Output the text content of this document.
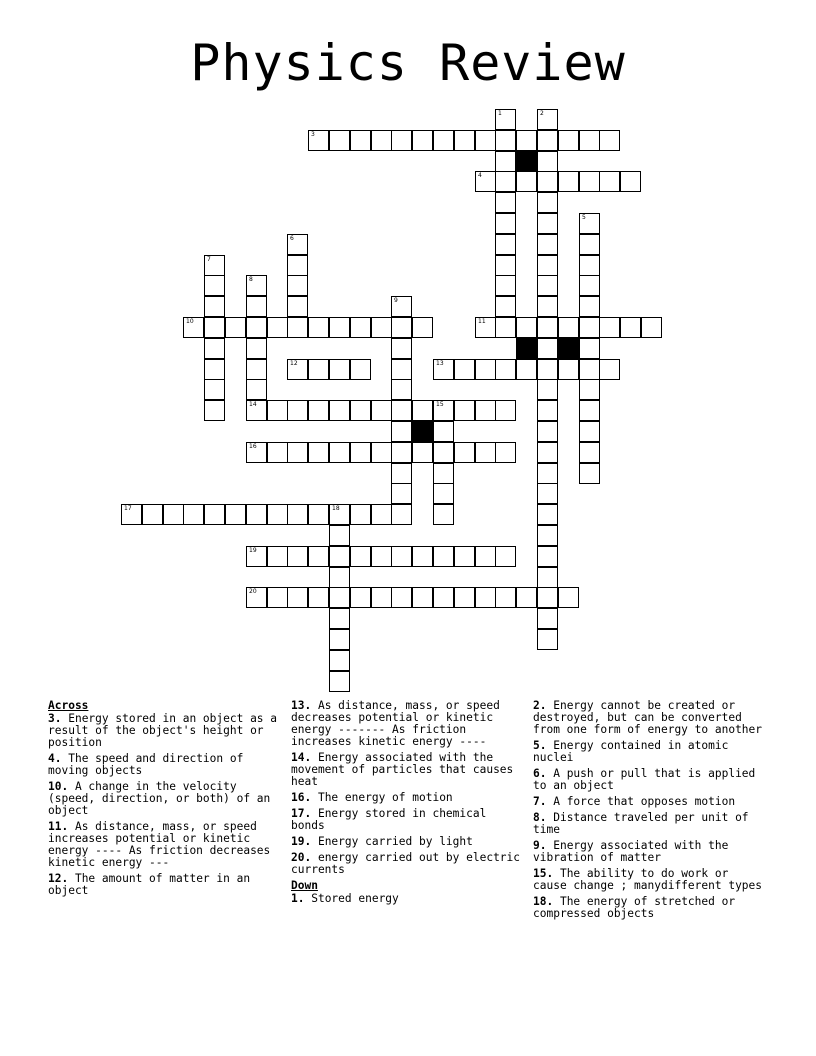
Physics Review
1	2
3
4
5
6
7
8
9
10	11
12	13
14	15
16
17	18
19
20
Across
3. Energy stored in an object as a result of the object's height or position
4. The speed and direction of moving objects
10. A change in the velocity (speed, direction, or both) of an object
11. As distance, mass, or speed increases potential or kinetic energy ---- As friction decreases kinetic energy ---
12. The amount of matter in an object
13. As distance, mass, or speed decreases potential or kinetic energy ------- As friction increases kinetic energy ----
14. Energy associated with the movement of particles that causes heat
16. The energy of motion
17. Energy stored in chemical bonds
19. Energy carried by light
20. energy carried out by electric currents
Down
1. Stored energy
2. Energy cannot be created or destroyed, but can be converted from one form of energy to another
5. Energy contained in atomic nuclei
6. A push or pull that is applied to an object
7. A force that opposes motion
8. Distance traveled per unit of time
9. Energy associated with the vibration of matter
15. The ability to do work or cause change ; manydifferent types
18. The energy of stretched or compressed objects
